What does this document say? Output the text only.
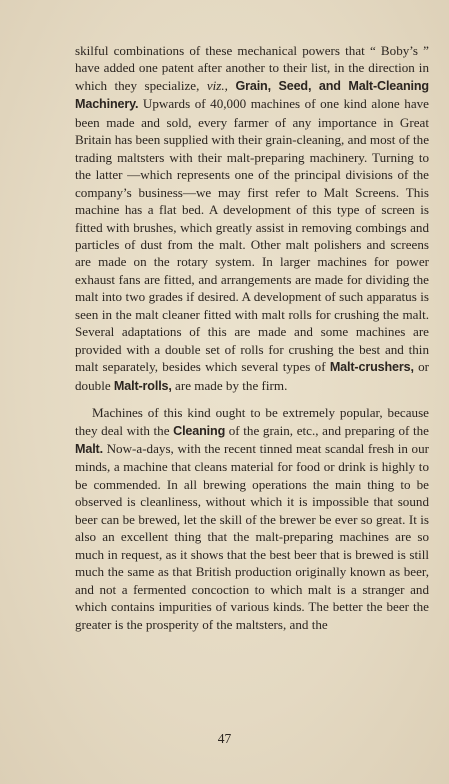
skilful combinations of these mechanical powers that “ Boby’s ” have added one patent after another to their list, in the direction in which they specialize, viz., Grain, Seed, and Malt-Cleaning Machinery. Upwards of 40,000 machines of one kind alone have been made and sold, every farmer of any importance in Great Britain has been supplied with their grain-cleaning, and most of the trading maltsters with their malt-preparing machinery. Turning to the latter —which represents one of the principal divisions of the company’s business—we may first refer to Malt Screens. This machine has a flat bed. A development of this type of screen is fitted with brushes, which greatly assist in removing combings and particles of dust from the malt. Other malt polishers and screens are made on the rotary system. In larger machines for power exhaust fans are fitted, and arrangements are made for dividing the malt into two grades if desired. A development of such apparatus is seen in the malt cleaner fitted with malt rolls for crushing the malt. Several adaptations of this are made and some machines are provided with a double set of rolls for crushing the best and thin malt separately, besides which several types of Malt-crushers, or double Malt-rolls, are made by the firm.

Machines of this kind ought to be extremely popular, because they deal with the Cleaning of the grain, etc., and preparing of the Malt. Now-a-days, with the recent tinned meat scandal fresh in our minds, a machine that cleans material for food or drink is highly to be commended. In all brewing operations the main thing to be observed is cleanliness, without which it is impossible that sound beer can be brewed, let the skill of the brewer be ever so great. It is also an excellent thing that the malt-preparing machines are so much in request, as it shows that the best beer that is brewed is still much the same as that British production originally known as beer, and not a fermented concoction to which malt is a stranger and which contains impurities of various kinds. The better the beer the greater is the prosperity of the maltsters, and the

47
